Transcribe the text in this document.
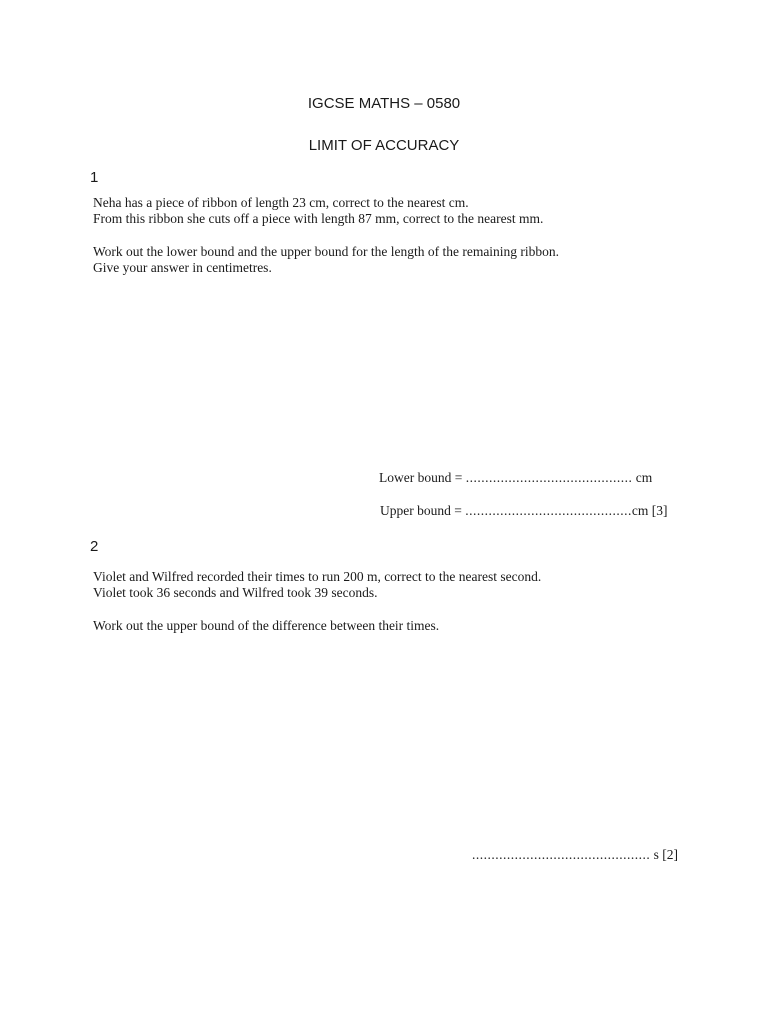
IGCSE MATHS – 0580
LIMIT OF ACCURACY
1
Neha has a piece of ribbon of length 23 cm, correct to the nearest cm.
From this ribbon she cuts off a piece with length 87 mm, correct to the nearest mm.
Work out the lower bound and the upper bound for the length of the remaining ribbon.
Give your answer in centimetres.
Lower bound = ........................................... cm
Upper bound = ...........................................cm [3]
2
Violet and Wilfred recorded their times to run 200 m, correct to the nearest second.
Violet took 36 seconds and Wilfred took 39 seconds.
Work out the upper bound of the difference between their times.
.............................................. s [2]
